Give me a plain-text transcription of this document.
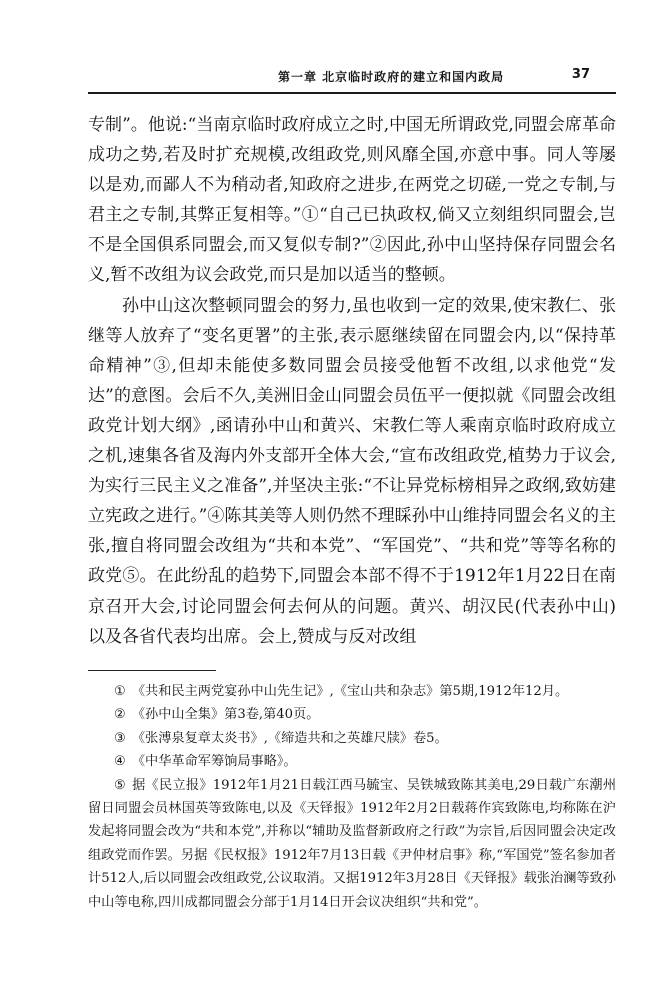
第一章 北京临时政府的建立和国内政局	37

专制”。他说:“当南京临时政府成立之时,中国无所谓政党,同盟会席革命成功之势,若及时扩充规模,改组政党,则风靡全国,亦意中事。同人等屡以是劝,而鄙人不为稍动者,知政府之进步,在两党之切磋,一党之专制,与君主之专制,其弊正复相等。”①“自己已执政权,倘又立刻组织同盟会,岂不是全国俱系同盟会,而又复似专制?”②因此,孙中山坚持保存同盟会名义,暂不改组为议会政党,而只是加以适当的整顿。

孙中山这次整顿同盟会的努力,虽也收到一定的效果,使宋教仁、张继等人放弃了“变名更署”的主张,表示愿继续留在同盟会内,以“保持革命精神”③,但却未能使多数同盟会员接受他暂不改组,以求他党“发达”的意图。会后不久,美洲旧金山同盟会员伍平一便拟就《同盟会改组政党计划大纲》,函请孙中山和黄兴、宋教仁等人乘南京临时政府成立之机,速集各省及海内外支部开全体大会,“宣布改组政党,植势力于议会,为实行三民主义之准备”,并坚决主张:“不让异党标榜相异之政纲,致妨建立宪政之进行。”④陈其美等人则仍然不理睬孙中山维持同盟会名义的主张,擅自将同盟会改组为“共和本党”、“军国党”、“共和党”等等名称的政党⑤。在此纷乱的趋势下,同盟会本部不得不于1912年1月22日在南京召开大会,讨论同盟会何去何从的问题。黄兴、胡汉民(代表孙中山)以及各省代表均出席。会上,赞成与反对改组

① 《共和民主两党宴孙中山先生记》,《宝山共和杂志》第5期,1912年12月。

② 《孙中山全集》第3卷,第40页。

③ 《张溥泉复章太炎书》,《缔造共和之英雄尺牍》卷5。

④ 《中华革命军筹饷局事略》。

⑤ 据《民立报》1912年1月21日载江西马毓宝、吴铁城致陈其美电,29日载广东潮州留日同盟会员林国英等致陈电,以及《天铎报》1912年2月2日载蒋作宾致陈电,均称陈在沪发起将同盟会改为“共和本党”,并称以“辅助及监督新政府之行政”为宗旨,后因同盟会决定改组政党而作罢。另据《民权报》1912年7月13日载《尹仲材启事》称,“军国党”签名参加者计512人,后以同盟会改组政党,公议取消。又据1912年3月28日《天铎报》载张治澜等致孙中山等电称,四川成都同盟会分部于1月14日开会议决组织“共和党”。
